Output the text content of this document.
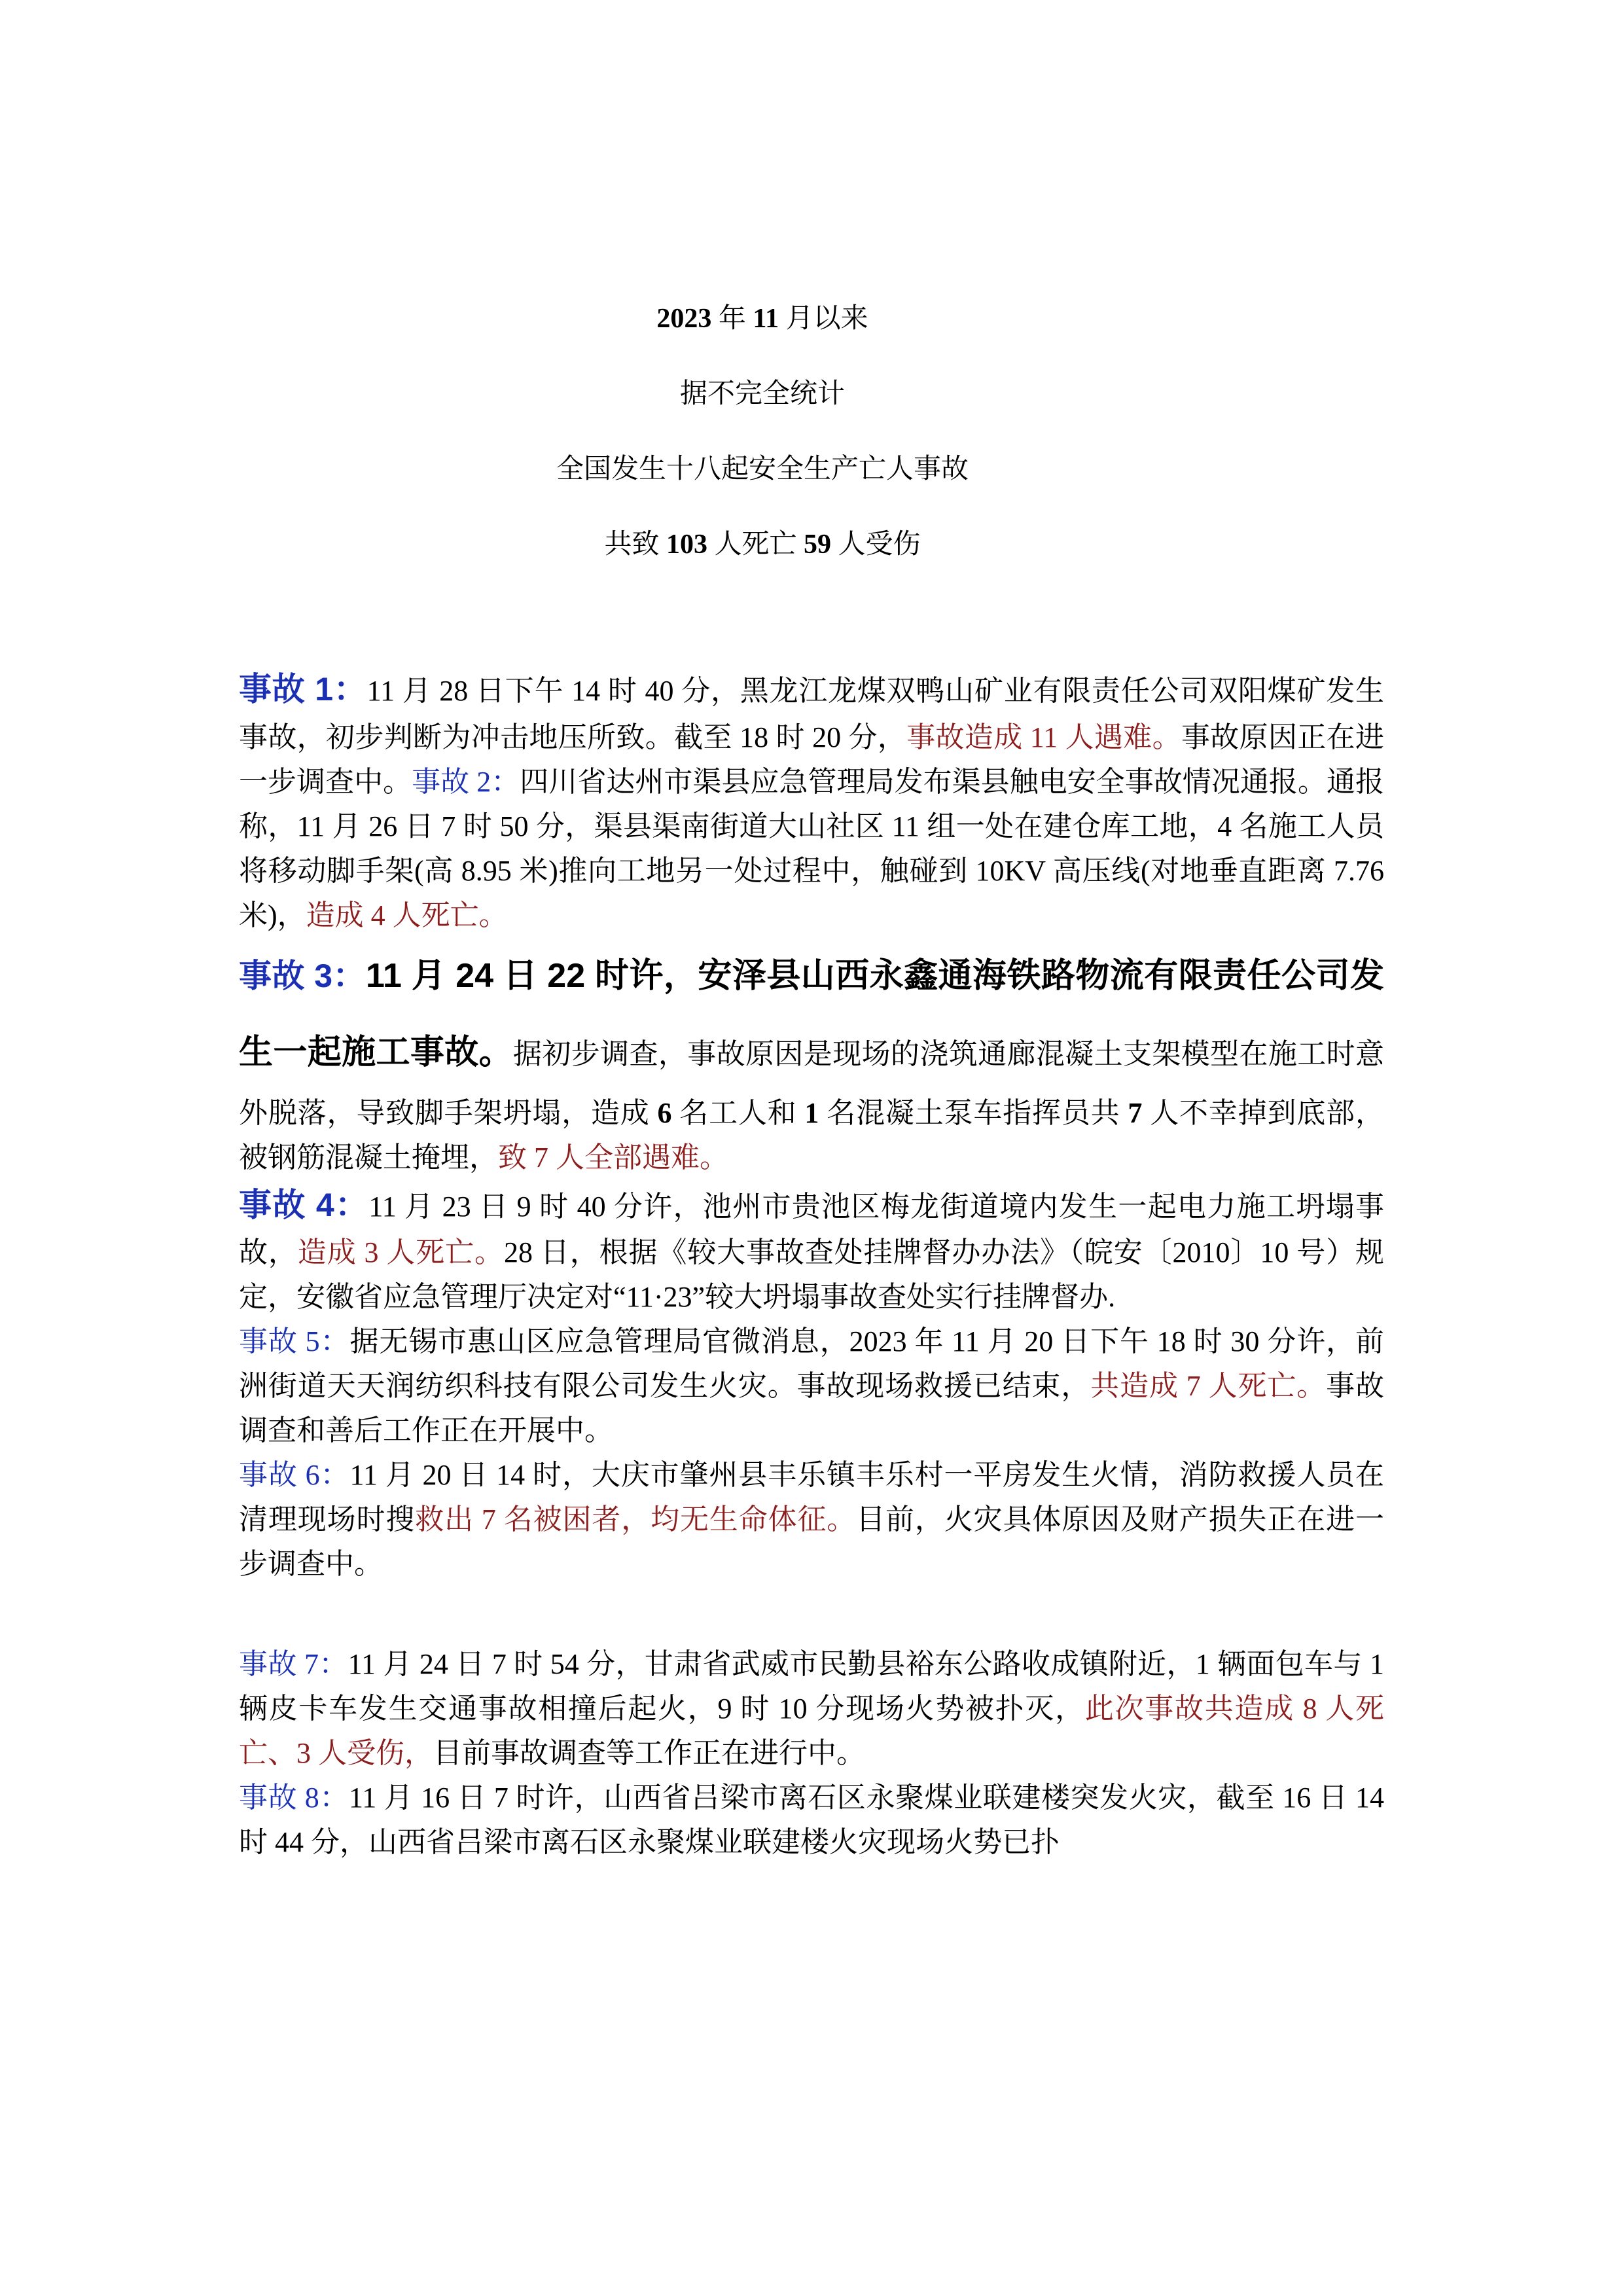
2023 年 11 月以来
据不完全统计
全国发生十八起安全生产亡人事故
共致 103 人死亡 59 人受伤

事故 1：11 月 28 日下午 14 时 40 分，黑龙江龙煤双鸭山矿业有限责任公司双阳煤矿发生事故，初步判断为冲击地压所致。截至 18 时 20 分，事故造成 11 人遇难。事故原因正在进一步调查中。事故 2：四川省达州市渠县应急管理局发布渠县触电安全事故情况通报。通报称，11 月 26 日 7 时 50 分，渠县渠南街道大山社区 11 组一处在建仓库工地，4 名施工人员将移动脚手架(高 8.95 米)推向工地另一处过程中，触碰到 10KV 高压线(对地垂直距离 7.76 米)，造成 4 人死亡。

事故 3：11 月 24 日 22 时许，安泽县山西永鑫通海铁路物流有限责任公司发生一起施工事故。据初步调查，事故原因是现场的浇筑通廊混凝土支架模型在施工时意外脱落，导致脚手架坍塌，造成 6 名工人和 1 名混凝土泵车指挥员共 7 人不幸掉到底部，被钢筋混凝土掩埋，致 7 人全部遇难。

事故 4：11 月 23 日 9 时 40 分许，池州市贵池区梅龙街道境内发生一起电力施工坍塌事故，造成 3 人死亡。28 日，根据《较大事故查处挂牌督办办法》（皖安〔2010〕10 号）规定，安徽省应急管理厅决定对“11·23”较大坍塌事故查处实行挂牌督办.

事故 5：据无锡市惠山区应急管理局官微消息，2023 年 11 月 20 日下午 18 时 30 分许，前洲街道天天润纺织科技有限公司发生火灾。事故现场救援已结束，共造成 7 人死亡。事故调查和善后工作正在开展中。

事故 6：11 月 20 日 14 时，大庆市肇州县丰乐镇丰乐村一平房发生火情，消防救援人员在清理现场时搜救出 7 名被困者，均无生命体征。目前，火灾具体原因及财产损失正在进一步调查中。

事故 7：11 月 24 日 7 时 54 分，甘肃省武威市民勤县裕东公路收成镇附近，1 辆面包车与 1 辆皮卡车发生交通事故相撞后起火，9 时 10 分现场火势被扑灭，此次事故共造成 8 人死亡、3 人受伤，目前事故调查等工作正在进行中。

事故 8：11 月 16 日 7 时许，山西省吕梁市离石区永聚煤业联建楼突发火灾，截至 16 日 14 时 44 分，山西省吕梁市离石区永聚煤业联建楼火灾现场火势已扑
